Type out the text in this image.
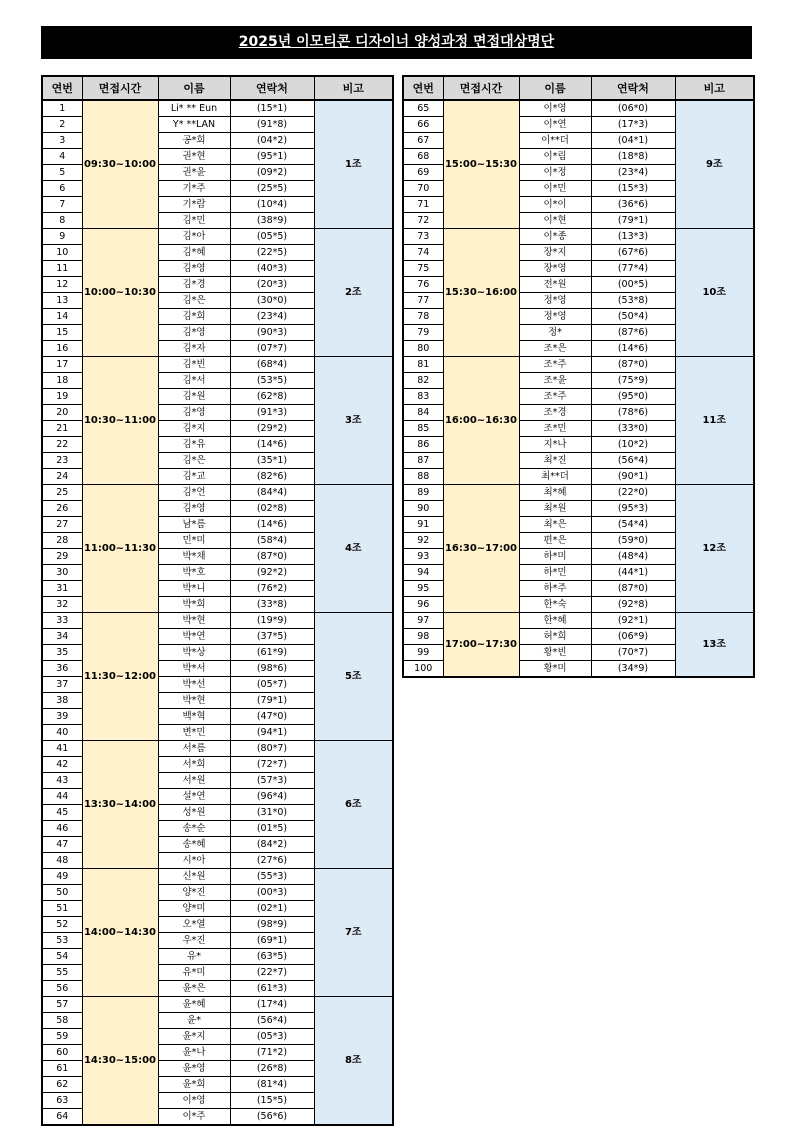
2025년 이모티콘 디자이너 양성과정 면접대상명단
연번	면접시간	이름	연락처	비고
1	09:30~10:00	Li* ** Eun	(15*1)	1조
2		Y* **LAN	(91*8)	
3		공*희	(04*2)	
4		권*현	(95*1)	
5		권*윤	(09*2)	
6		기*주	(25*5)	
7		기*람	(10*4)	
8		김*민	(38*9)	
9	10:00~10:30	김*아	(05*5)	2조
10		김*혜	(22*5)	
11		김*영	(40*3)	
12		김*경	(20*3)	
13		김*은	(30*0)	
14		김*희	(23*4)	
15		김*영	(90*3)	
16		김*자	(07*7)	
17	10:30~11:00	김*빈	(68*4)	3조
18		김*서	(53*5)	
19		김*원	(62*8)	
20		김*영	(91*3)	
21		김*지	(29*2)	
22		김*유	(14*6)	
23		김*은	(35*1)	
24		김*교	(82*6)	
25	11:00~11:30	김*언	(84*4)	4조
26		김*영	(02*8)	
27		남*름	(14*6)	
28		민*미	(58*4)	
29		박*채	(87*0)	
30		박*호	(92*2)	
31		박*니	(76*2)	
32		박*희	(33*8)	
33	11:30~12:00	박*현	(19*9)	5조
34		박*연	(37*5)	
35		박*상	(61*9)	
36		박*서	(98*6)	
37		박*선	(05*7)	
38		박*현	(79*1)	
39		백*혁	(47*0)	
40		변*민	(94*1)	
41	13:30~14:00	서*름	(80*7)	6조
42		서*희	(72*7)	
43		서*원	(57*3)	
44		설*연	(96*4)	
45		성*원	(31*0)	
46		송*순	(01*5)	
47		송*혜	(84*2)	
48		시*아	(27*6)	
49	14:00~14:30	신*원	(55*3)	7조
50		양*진	(00*3)	
51		양*미	(02*1)	
52		오*열	(98*9)	
53		우*진	(69*1)	
54		유*	(63*5)	
55		유*미	(22*7)	
56		윤*은	(61*3)	
57	14:30~15:00	윤*혜	(17*4)	8조
58		윤*	(56*4)	
59		윤*지	(05*3)	
60		윤*나	(71*2)	
61		윤*영	(26*8)	
62		윤*희	(81*4)	
63		이*영	(15*5)	
64		이*주	(56*6)	
연번	면접시간	이름	연락처	비고
65	15:00~15:30	이*영	(06*0)	9조
66		이*연	(17*3)	
67		이**더	(04*1)	
68		이*림	(18*8)	
69		이*정	(23*4)	
70		이*민	(15*3)	
71		이*이	(36*6)	
72		이*현	(79*1)	
73	15:30~16:00	이*종	(13*3)	10조
74		장*지	(67*6)	
75		장*영	(77*4)	
76		전*원	(00*5)	
77		정*영	(53*8)	
78		정*영	(50*4)	
79		정*	(87*6)	
80		조*은	(14*6)	
81	16:00~16:30	조*주	(87*0)	11조
82		조*윤	(75*9)	
83		조*주	(95*0)	
84		조*경	(78*6)	
85		조*민	(33*0)	
86		지*나	(10*2)	
87		최*진	(56*4)	
88		최**더	(90*1)	
89	16:30~17:00	최*혜	(22*0)	12조
90		최*원	(95*3)	
91		최*은	(54*4)	
92		편*은	(59*0)	
93		하*미	(48*4)	
94		하*민	(44*1)	
95		하*주	(87*0)	
96		한*숙	(92*8)	
97	17:00~17:30	한*혜	(92*1)	13조
98		허*희	(06*9)	
99		황*빈	(70*7)	
100		황*미	(34*9)	
